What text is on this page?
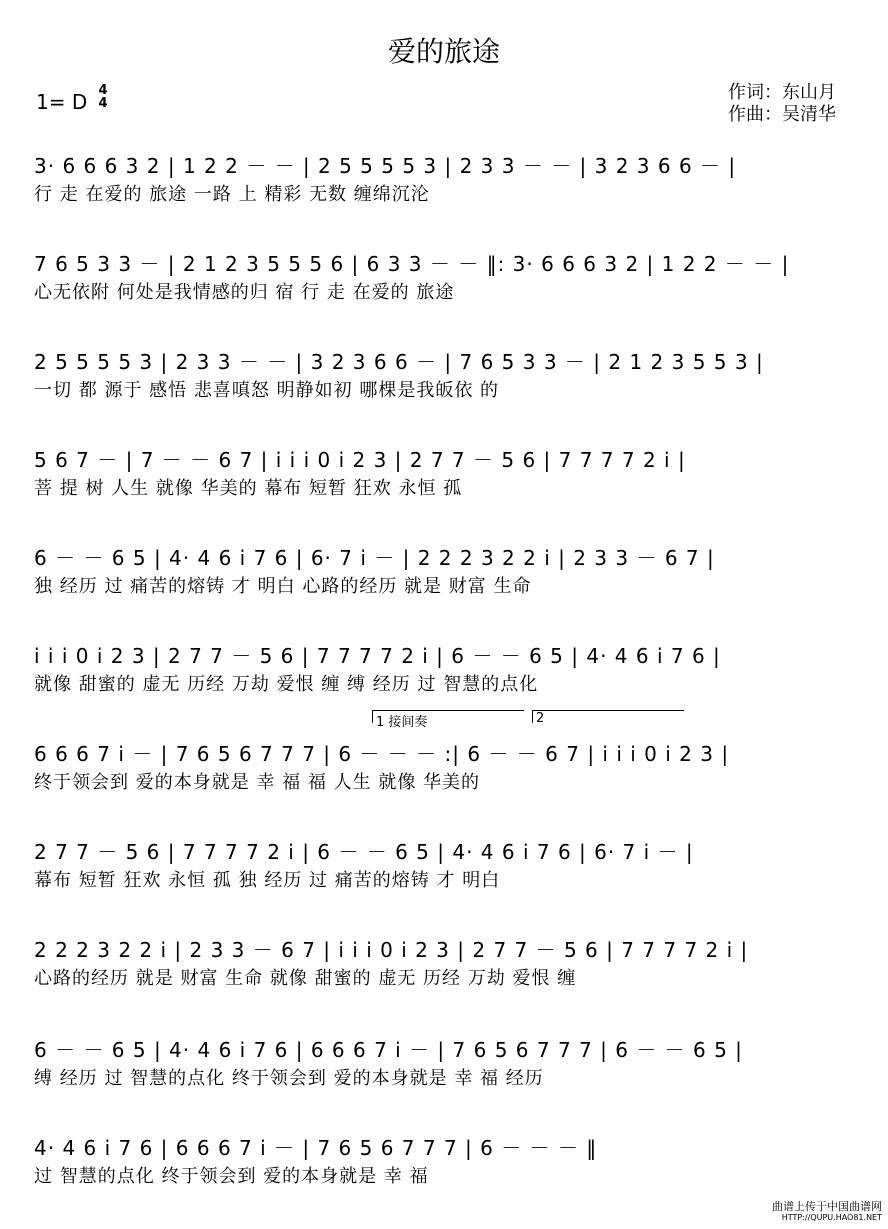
爱的旅途
1= D 4
4
作词：东山月
作曲：吴清华
1 接间奏	2
3· 6 6 6 3 2 | 1 2 2 － － | 2 5 5 5 5 3 | 2 3 3 － － | 3 2 3 6 6 － |
行 走 在爱的 旅途 一路 上 精彩 无数 缠绵沉沦
7 6 5 3 3 － | 2 1 2 3 5 5 5 6 | 6 3 3 － － ‖: 3· 6 6 6 3 2 | 1 2 2 － － |
心无依附 何处是我情感的归 宿 行 走 在爱的 旅途
2 5 5 5 5 3 | 2 3 3 － － | 3 2 3 6 6 － | 7 6 5 3 3 － | 2 1 2 3 5 5 3 |
一切 都 源于 感悟 悲喜嗔怒 明静如初 哪棵是我皈依 的
5 6 7 － | 7 － － 6 7 | i i i 0 i 2 3 | 2 7 7 － 5 6 | 7 7 7 7 2 i |
菩 提 树 人生 就像 华美的 幕布 短暂 狂欢 永恒 孤
6 － － 6 5 | 4· 4 6 i 7 6 | 6· 7 i － | 2 2 2 3 2 2 i | 2 3 3 － 6 7 |
独 经历 过 痛苦的熔铸 才 明白 心路的经历 就是 财富 生命
i i i 0 i 2 3 | 2 7 7 － 5 6 | 7 7 7 7 2 i | 6 － － 6 5 | 4· 4 6 i 7 6 |
就像 甜蜜的 虚无 历经 万劫 爱恨 缠 缚 经历 过 智慧的点化
6 6 6 7 i － | 7 6 5 6 7 7 7 | 6 － － － :| 6 － － 6 7 | i i i 0 i 2 3 |
终于领会到 爱的本身就是 幸 福 福 人生 就像 华美的
2 7 7 － 5 6 | 7 7 7 7 2 i | 6 － － 6 5 | 4· 4 6 i 7 6 | 6· 7 i － |
幕布 短暂 狂欢 永恒 孤 独 经历 过 痛苦的熔铸 才 明白
2 2 2 3 2 2 i | 2 3 3 － 6 7 | i i i 0 i 2 3 | 2 7 7 － 5 6 | 7 7 7 7 2 i |
心路的经历 就是 财富 生命 就像 甜蜜的 虚无 历经 万劫 爱恨 缠
6 － － 6 5 | 4· 4 6 i 7 6 | 6 6 6 7 i － | 7 6 5 6 7 7 7 | 6 － － 6 5 |
缚 经历 过 智慧的点化 终于领会到 爱的本身就是 幸 福 经历
4· 4 6 i 7 6 | 6 6 6 7 i － | 7 6 5 6 7 7 7 | 6 － － － ‖
过 智慧的点化 终于领会到 爱的本身就是 幸 福
曲谱上传于中国曲谱网
HTTP://QUPU.HAO81.NET
